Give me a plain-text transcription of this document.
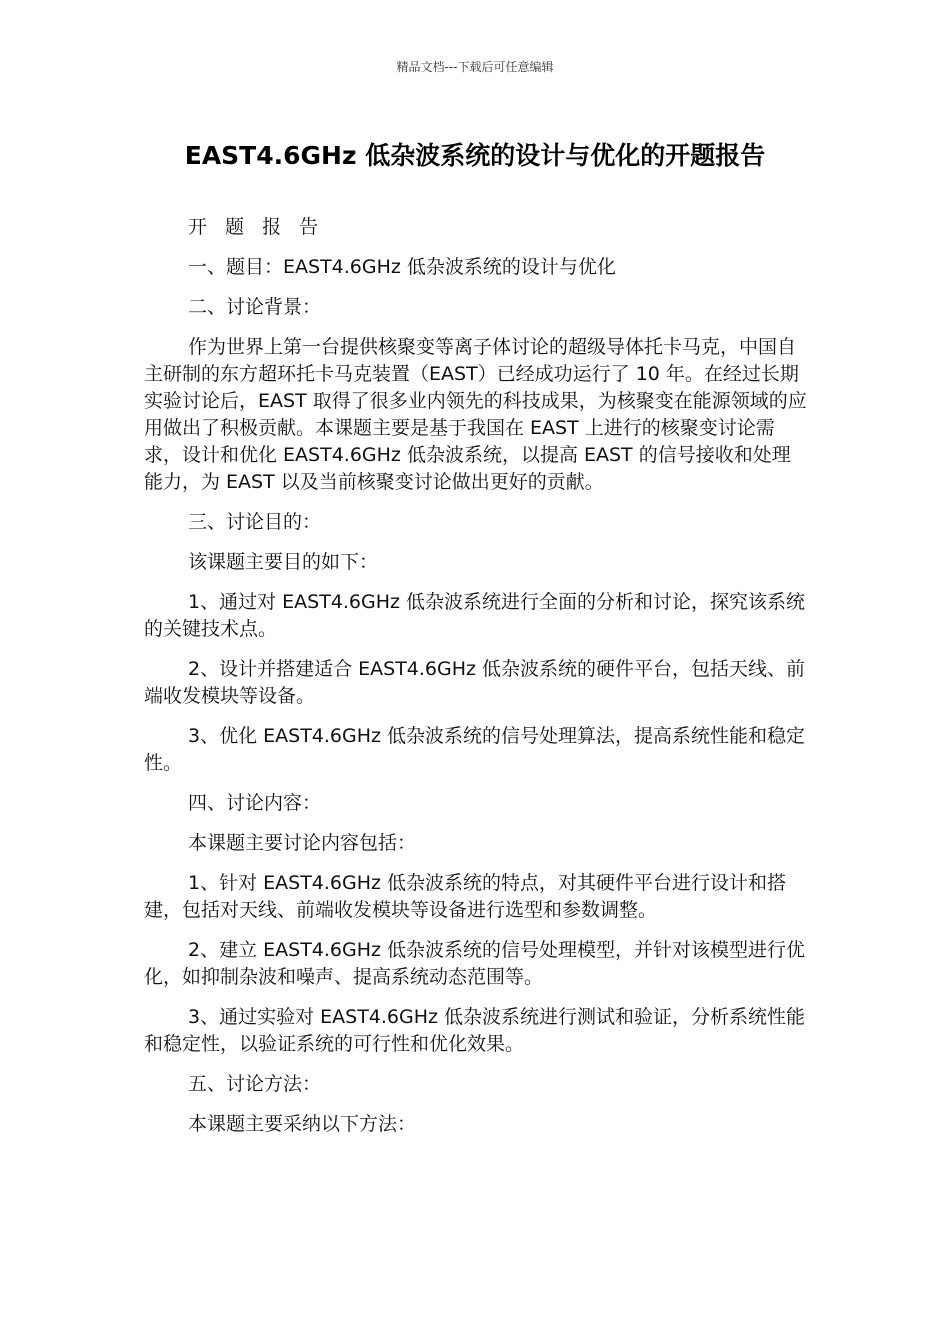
精品文档---下载后可任意编辑
EAST4.6GHz 低杂波系统的设计与优化的开题报告

开 题 报 告

一、题目：EAST4.6GHz 低杂波系统的设计与优化

二、讨论背景：

作为世界上第一台提供核聚变等离子体讨论的超级导体托卡马克，中国自主研制的东方超环托卡马克装置（EAST）已经成功运行了 10 年。在经过长期实验讨论后，EAST 取得了很多业内领先的科技成果，为核聚变在能源领域的应用做出了积极贡献。本课题主要是基于我国在 EAST 上进行的核聚变讨论需求，设计和优化 EAST4.6GHz 低杂波系统，以提高 EAST 的信号接收和处理能力，为 EAST 以及当前核聚变讨论做出更好的贡献。

三、讨论目的：

该课题主要目的如下：

1、通过对 EAST4.6GHz 低杂波系统进行全面的分析和讨论，探究该系统的关键技术点。

2、设计并搭建适合 EAST4.6GHz 低杂波系统的硬件平台，包括天线、前端收发模块等设备。

3、优化 EAST4.6GHz 低杂波系统的信号处理算法，提高系统性能和稳定性。

四、讨论内容：

本课题主要讨论内容包括：

1、针对 EAST4.6GHz 低杂波系统的特点，对其硬件平台进行设计和搭建，包括对天线、前端收发模块等设备进行选型和参数调整。

2、建立 EAST4.6GHz 低杂波系统的信号处理模型，并针对该模型进行优化，如抑制杂波和噪声、提高系统动态范围等。

3、通过实验对 EAST4.6GHz 低杂波系统进行测试和验证，分析系统性能和稳定性，以验证系统的可行性和优化效果。

五、讨论方法：

本课题主要采纳以下方法：
